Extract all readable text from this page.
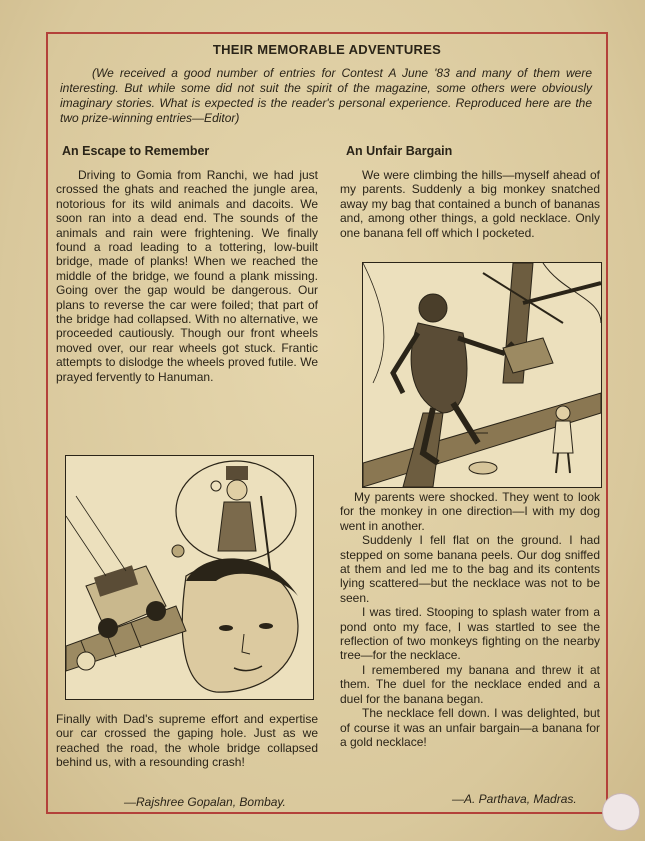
THEIR MEMORABLE ADVENTURES
(We received a good number of entries for Contest A June '83 and many of them were interesting. But while some did not suit the spirit of the magazine, some others were obviously imaginary stories. What is expected is the reader's personal experience. Reproduced here are the two prize-winning entries—Editor)
An Escape to Remember

Driving to Gomia from Ranchi, we had just crossed the ghats and reached the jungle area, notorious for its wild animals and dacoits. We soon ran into a dead end. The sounds of the animals and rain were frightening. We finally found a road leading to a tottering, low-built bridge, made of planks! When we reached the middle of the bridge, we found a plank missing. Going over the gap would be dangerous. Our plans to reverse the car were foiled; that part of the bridge had collapsed. With no alternative, we proceeded cautiously. Though our front wheels moved over, our rear wheels got stuck. Frantic attempts to dislodge the wheels proved futile. We prayed fervently to Hanuman.

Finally with Dad's supreme effort and expertise our car crossed the gaping hole. Just as we reached the road, the whole bridge collapsed behind us, with a resounding crash!

—Rajshree Gopalan, Bombay.
An Unfair Bargain

We were climbing the hills—myself ahead of my parents. Suddenly a big monkey snatched away my bag that contained a bunch of bananas and, among other things, a gold necklace. Only one banana fell off which I pocketed.

My parents were shocked. They went to look for the monkey in one direction—I with my dog went in another.

Suddenly I fell flat on the ground. I had stepped on some banana peels. Our dog sniffed at them and led me to the bag and its contents lying scattered—but the necklace was not to be seen.

I was tired. Stooping to splash water from a pond onto my face, I was startled to see the reflection of two monkeys fighting on the nearby tree—for the necklace.

I remembered my banana and threw it at them. The duel for the necklace ended and a duel for the banana began.

The necklace fell down. I was delighted, but of course it was an unfair bargain—a banana for a gold necklace!

—A. Parthava, Madras.
